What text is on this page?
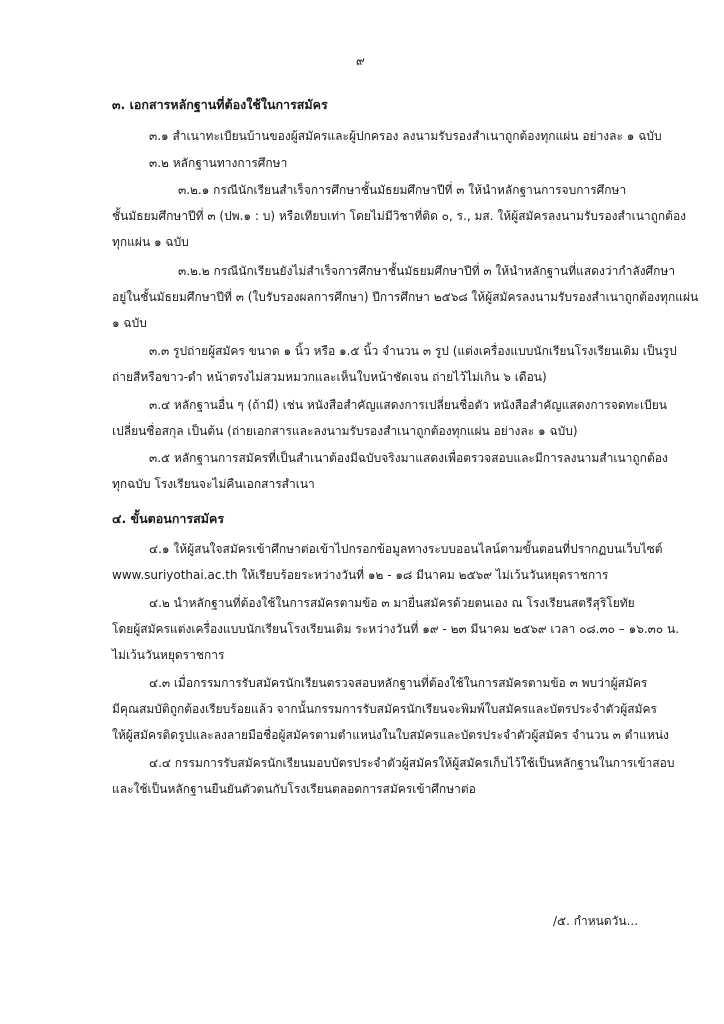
๙
๓. เอกสารหลักฐานที่ต้องใช้ในการสมัคร
๓.๑ สำเนาทะเบียนบ้านของผู้สมัครและผู้ปกครอง ลงนามรับรองสำเนาถูกต้องทุกแผ่น อย่างละ ๑ ฉบับ
๓.๒ หลักฐานทางการศึกษา
๓.๒.๑ กรณีนักเรียนสำเร็จการศึกษาชั้นมัธยมศึกษาปีที่ ๓ ให้นำหลักฐานการจบการศึกษา
ชั้นมัธยมศึกษาปีที่ ๓ (ปพ.๑ : บ) หรือเทียบเท่า โดยไม่มีวิชาที่ติด ๐, ร., มส. ให้ผู้สมัครลงนามรับรองสำเนาถูกต้อง
ทุกแผ่น ๑ ฉบับ
๓.๒.๒ กรณีนักเรียนยังไม่สำเร็จการศึกษาชั้นมัธยมศึกษาปีที่ ๓ ให้นำหลักฐานที่แสดงว่ากำลังศึกษา
อยู่ในชั้นมัธยมศึกษาปีที่ ๓ (ใบรับรองผลการศึกษา) ปีการศึกษา ๒๕๖๘ ให้ผู้สมัครลงนามรับรองสำเนาถูกต้องทุกแผ่น
๑ ฉบับ
๓.๓ รูปถ่ายผู้สมัคร ขนาด ๑ นิ้ว หรือ ๑.๕ นิ้ว จำนวน ๓ รูป (แต่งเครื่องแบบนักเรียนโรงเรียนเดิม เป็นรูป
ถ่ายสีหรือขาว-ดำ หน้าตรงไม่สวมหมวกและเห็นใบหน้าชัดเจน ถ่ายไว้ไม่เกิน ๖ เดือน)
๓.๔ หลักฐานอื่น ๆ (ถ้ามี) เช่น หนังสือสำคัญแสดงการเปลี่ยนชื่อตัว หนังสือสำคัญแสดงการจดทะเบียน
เปลี่ยนชื่อสกุล เป็นต้น (ถ่ายเอกสารและลงนามรับรองสำเนาถูกต้องทุกแผ่น อย่างละ ๑ ฉบับ)
๓.๕ หลักฐานการสมัครที่เป็นสำเนาต้องมีฉบับจริงมาแสดงเพื่อตรวจสอบและมีการลงนามสำเนาถูกต้อง
ทุกฉบับ โรงเรียนจะไม่คืนเอกสารสำเนา
๔. ขั้นตอนการสมัคร
๔.๑ ให้ผู้สนใจสมัครเข้าศึกษาต่อเข้าไปกรอกข้อมูลทางระบบออนไลน์ตามขั้นตอนที่ปรากฏบนเว็บไซต์
www.suriyothai.ac.th ให้เรียบร้อยระหว่างวันที่ ๑๒ - ๑๘ มีนาคม ๒๕๖๙ ไม่เว้นวันหยุดราชการ
๔.๒ นำหลักฐานที่ต้องใช้ในการสมัครตามข้อ ๓ มายื่นสมัครด้วยตนเอง ณ โรงเรียนสตรีสุริโยทัย
โดยผู้สมัครแต่งเครื่องแบบนักเรียนโรงเรียนเดิม ระหว่างวันที่ ๑๙ - ๒๓ มีนาคม ๒๕๖๙ เวลา ๐๘.๓๐ – ๑๖.๓๐ น.
ไม่เว้นวันหยุดราชการ
๔.๓ เมื่อกรรมการรับสมัครนักเรียนตรวจสอบหลักฐานที่ต้องใช้ในการสมัครตามข้อ ๓ พบว่าผู้สมัคร
มีคุณสมบัติถูกต้องเรียบร้อยแล้ว จากนั้นกรรมการรับสมัครนักเรียนจะพิมพ์ใบสมัครและบัตรประจำตัวผู้สมัคร
ให้ผู้สมัครติดรูปและลงลายมือชื่อผู้สมัครตามตำแหน่งในใบสมัครและบัตรประจำตัวผู้สมัคร จำนวน ๓ ตำแหน่ง
๔.๔ กรรมการรับสมัครนักเรียนมอบบัตรประจำตัวผู้สมัครให้ผู้สมัครเก็บไว้ใช้เป็นหลักฐานในการเข้าสอบ
และใช้เป็นหลักฐานยืนยันตัวตนกับโรงเรียนตลอดการสมัครเข้าศึกษาต่อ
/๕. กำหนดวัน...
